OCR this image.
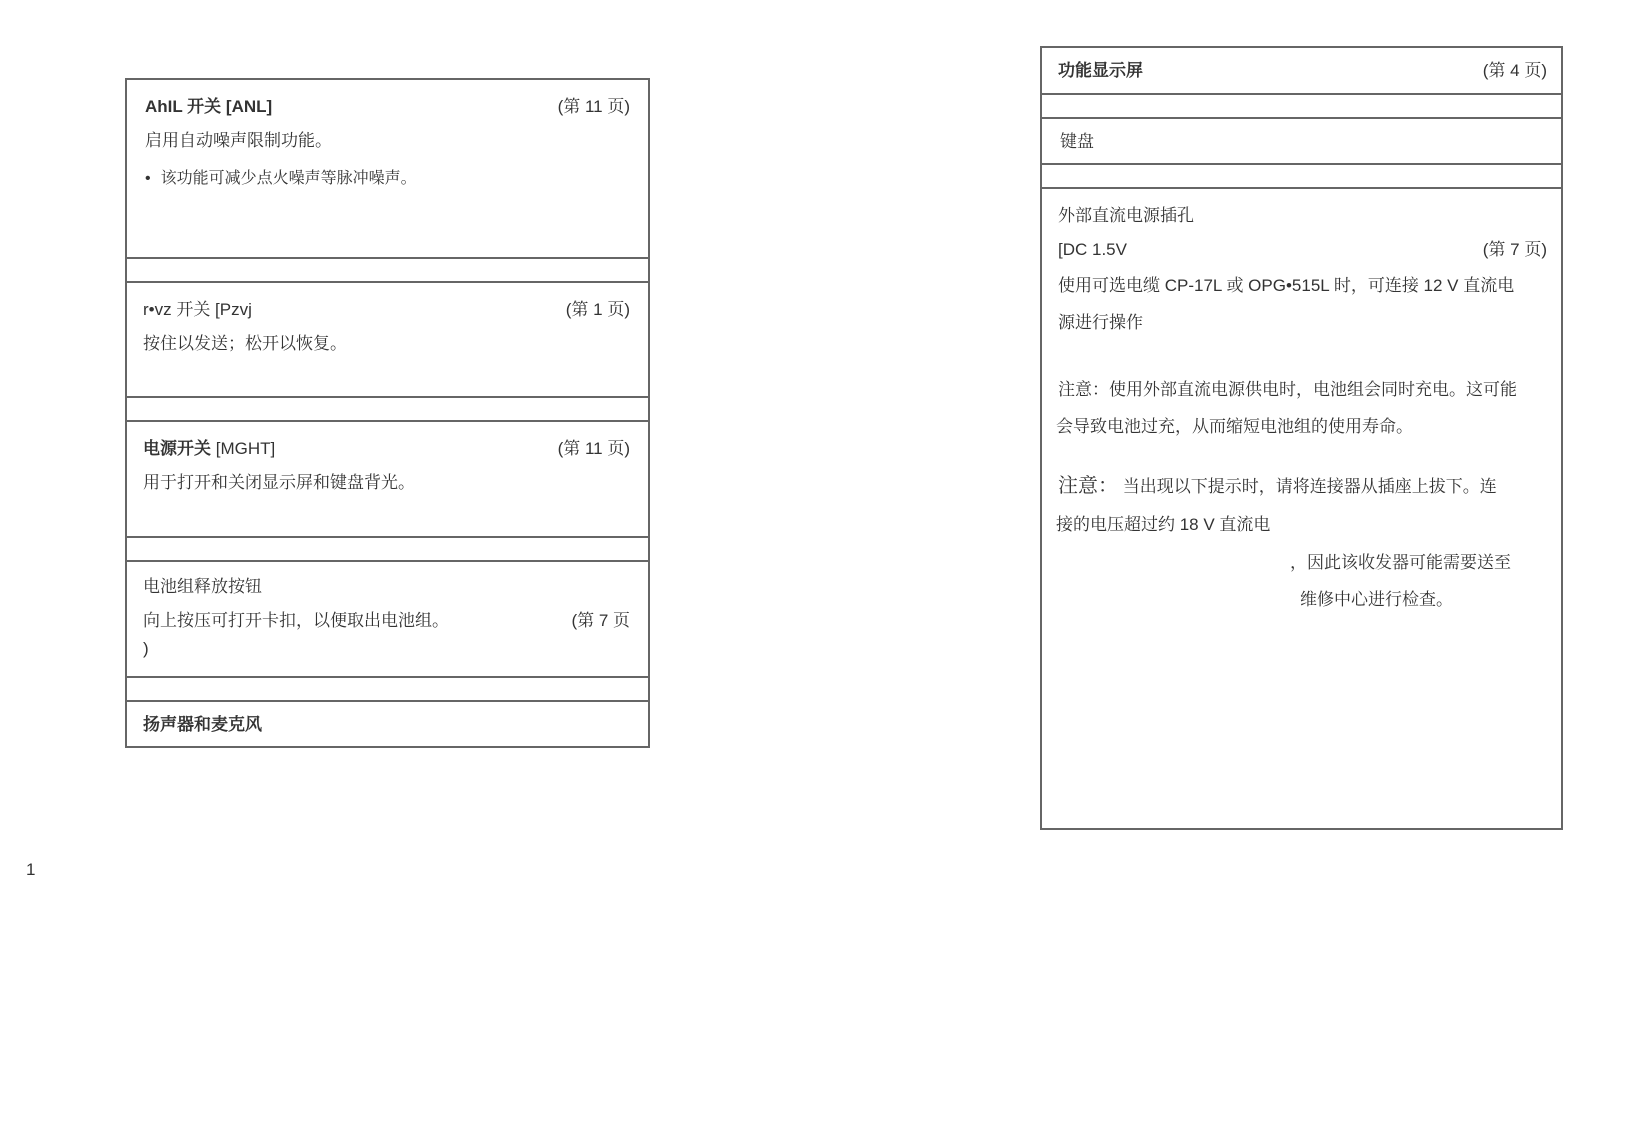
AhIL 开关 [ANL]	(第 11 页)
启用自动噪声限制功能。
• 该功能可减少点火噪声等脉冲噪声。
r•vz 开关 [Pzvj	(第 1 页)
按住以发送；松开以恢复。
电源开关 [MGHT]	(第 11 页)
用于打开和关闭显示屏和键盘背光。
电池组释放按钮
向上按压可打开卡扣，以便取出电池组。	(第 7 页
)
扬声器和麦克风
功能显示屏	(第 4 页)
键盘
外部直流电源插孔
[DC 1.5V	(第 7 页)
使用可选电缆 CP-17L 或 OPG•515L 时，可连接 12 V 直流电
源进行操作
注意：使用外部直流电源供电时，电池组会同时充电。这可能
会导致电池过充，从而缩短电池组的使用寿命。
注意： 当出现以下提示时，请将连接器从插座上拔下。连
接的电压超过约 18 V 直流电
，因此该收发器可能需要送至
维修中心进行检查。
1
